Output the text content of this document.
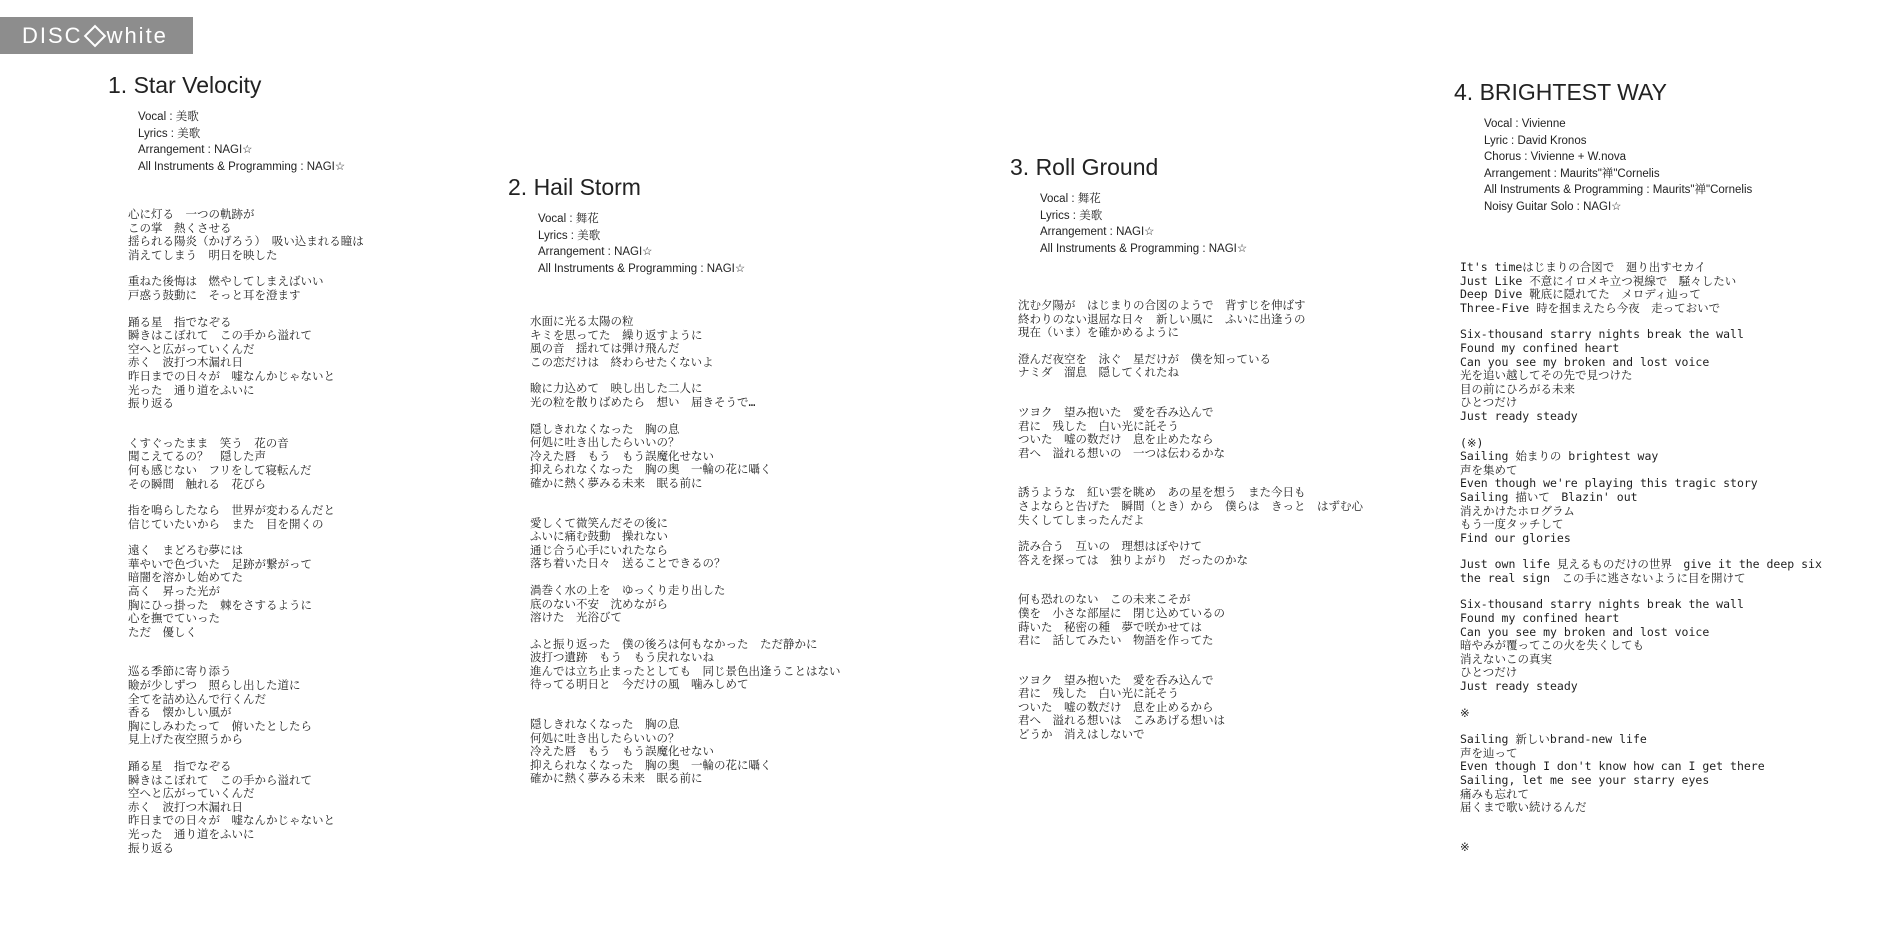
DISC white
1. Star Velocity
Vocal : 美歌
Lyrics : 美歌
Arrangement : NAGI☆
All Instruments & Programming : NAGI☆
心に灯る　一つの軌跡が
この掌　熱くさせる
揺られる陽炎（かげろう）　吸い込まれる瞳は
消えてしまう　明日を映した
重ねた後悔は　燃やしてしまえばいい
戸惑う鼓動に　そっと耳を澄ます
踊る星　指でなぞる
瞬きはこぼれて　この手から溢れて
空へと広がっていくんだ
赤く　波打つ木漏れ日
昨日までの日々が　嘘なんかじゃないと
光った　通り道をふいに
振り返る
くすぐったまま　笑う　花の音
聞こえてるの？　隠した声
何も感じない　フリをして寝転んだ
その瞬間　触れる　花びら
指を鳴らしたなら　世界が変わるんだと
信じていたいから　また　目を開くの
遠く　まどろむ夢には
華やいで色づいた　足跡が繋がって
暗闇を溶かし始めてた
高く　昇った光が
胸にひっ掛った　棘をさするように
心を撫でていった
ただ　優しく
巡る季節に寄り添う
瞼が少しずつ　照らし出した道に
全てを詰め込んで行くんだ
香る　懐かしい風が
胸にしみわたって　俯いたとしたら
見上げた夜空照うから
踊る星　指でなぞる
瞬きはこぼれて　この手から溢れて
空へと広がっていくんだ
赤く　波打つ木漏れ日
昨日までの日々が　嘘なんかじゃないと
光った　通り道をふいに
振り返る
2. Hail Storm
Vocal : 舞花
Lyrics : 美歌
Arrangement : NAGI☆
All Instruments & Programming : NAGI☆
水面に光る太陽の粒
キミを思ってた　繰り返すように
風の音　揺れては弾け飛んだ
この恋だけは　終わらせたくないよ
瞼に力込めて　映し出した二人に
光の粒を散りばめたら　想い　届きそうで…
隠しきれなくなった　胸の息
何処に吐き出したらいいの？
冷えた唇　もう　もう誤魔化せない
抑えられなくなった　胸の奥　一輪の花に囁く
確かに熱く夢みる未来　眠る前に
愛しくて微笑んだその後に
ふいに痛む鼓動　操れない
通じ合う心手にいれたなら
落ち着いた日々　送ることできるの？
渦巻く水の上を　ゆっくり走り出した
底のない不安　沈めながら
溶けた　光浴びて
ふと振り返った　僕の後ろは何もなかった　ただ静かに
波打つ遺跡　もう　もう戻れないね
進んでは立ち止まったとしても　同じ景色出逢うことはない
待ってる明日と　今だけの風　噛みしめて
隠しきれなくなった　胸の息
何処に吐き出したらいいの？
冷えた唇　もう　もう誤魔化せない
抑えられなくなった　胸の奥　一輪の花に囁く
確かに熱く夢みる未来　眠る前に
3. Roll Ground
Vocal : 舞花
Lyrics : 美歌
Arrangement : NAGI☆
All Instruments & Programming : NAGI☆
沈む夕陽が　はじまりの合図のようで　背すじを伸ばす
終わりのない退屈な日々　新しい風に　ふいに出逢うの
現在（いま）を確かめるように
澄んだ夜空を　泳ぐ　星だけが　僕を知っている
ナミダ　溜息　隠してくれたね
ツヨク　望み抱いた　愛を呑み込んで
君に　残した　白い光に託そう
ついた　嘘の数だけ　息を止めたなら
君へ　溢れる想いの　一つは伝わるかな
誘うような　紅い雲を眺め　あの星を想う　また今日も
さよならと告げた　瞬間（とき）から　僕らは　きっと　はずむ心
失くしてしまったんだよ
読み合う　互いの　理想はぼやけて
答えを探っては　独りよがり　だったのかな
何も恐れのない　この未来こそが
僕を　小さな部屋に　閉じ込めているの
蒔いた　秘密の種　夢で咲かせては
君に　話してみたい　物語を作ってた
ツヨク　望み抱いた　愛を呑み込んで
君に　残した　白い光に託そう
ついた　嘘の数だけ　息を止めるから
君へ　溢れる想いは　こみあげる想いは
どうか　消えはしないで
4. BRIGHTEST WAY
Vocal : Vivienne
Lyric : David Kronos
Chorus : Vivienne + W.nova
Arrangement : Maurits"禅"Cornelis
All Instruments & Programming : Maurits"禅"Cornelis
Noisy Guitar Solo : NAGI☆
It's timeはじまりの合図で　廻り出すセカイ
Just Like 不意にイロメキ立つ視線で　騒々したい
Deep Dive 靴底に隠れてた　メロディ辿って
Three-Five 時を掴まえたら今夜　走っておいで
Six-thousand starry nights break the wall
Found my confined heart
Can you see my broken and lost voice
光を追い越してその先で見つけた
目の前にひろがる未来
ひとつだけ
Just ready steady
(※)
Sailing 始まりの brightest way
声を集めて
Even though we're playing this tragic story
Sailing 描いて　Blazin' out
消えかけたホログラム
もう一度タッチして
Find our glories
Just own life 見えるものだけの世界　give it the deep six
the real sign　この手に逃さないように目を開けて
Six-thousand starry nights break the wall
Found my confined heart
Can you see my broken and lost voice
暗やみが覆ってこの火を失くしても
消えないこの真実
ひとつだけ
Just ready steady
※
Sailing 新しいbrand-new life
声を辿って
Even though I don't know how can I get there
Sailing, let me see your starry eyes
痛みも忘れて
届くまで歌い続けるんだ
※
